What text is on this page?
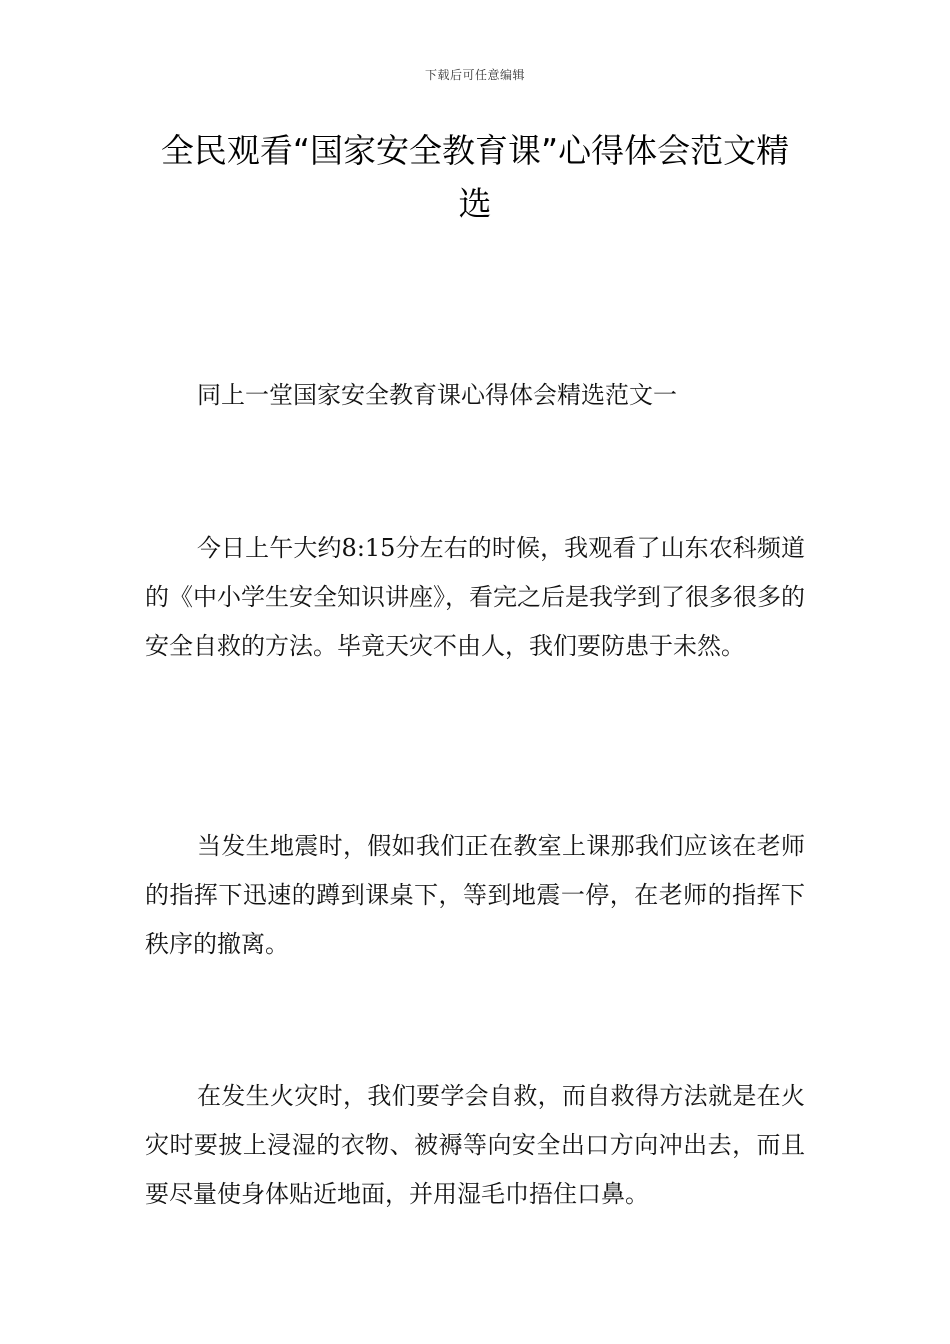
下载后可任意编辑
全民观看“国家安全教育课”心得体会范文精选

同上一堂国家安全教育课心得体会精选范文一

今日上午大约8:15分左右的时候，我观看了山东农科频道的《中小学生安全知识讲座》，看完之后是我学到了很多很多的安全自救的方法。毕竟天灾不由人，我们要防患于未然。

当发生地震时，假如我们正在教室上课那我们应该在老师的指挥下迅速的蹲到课桌下，等到地震一停，在老师的指挥下秩序的撤离。

在发生火灾时，我们要学会自救，而自救得方法就是在火灾时要披上浸湿的衣物、被褥等向安全出口方向冲出去，而且要尽量使身体贴近地面，并用湿毛巾捂住口鼻。
